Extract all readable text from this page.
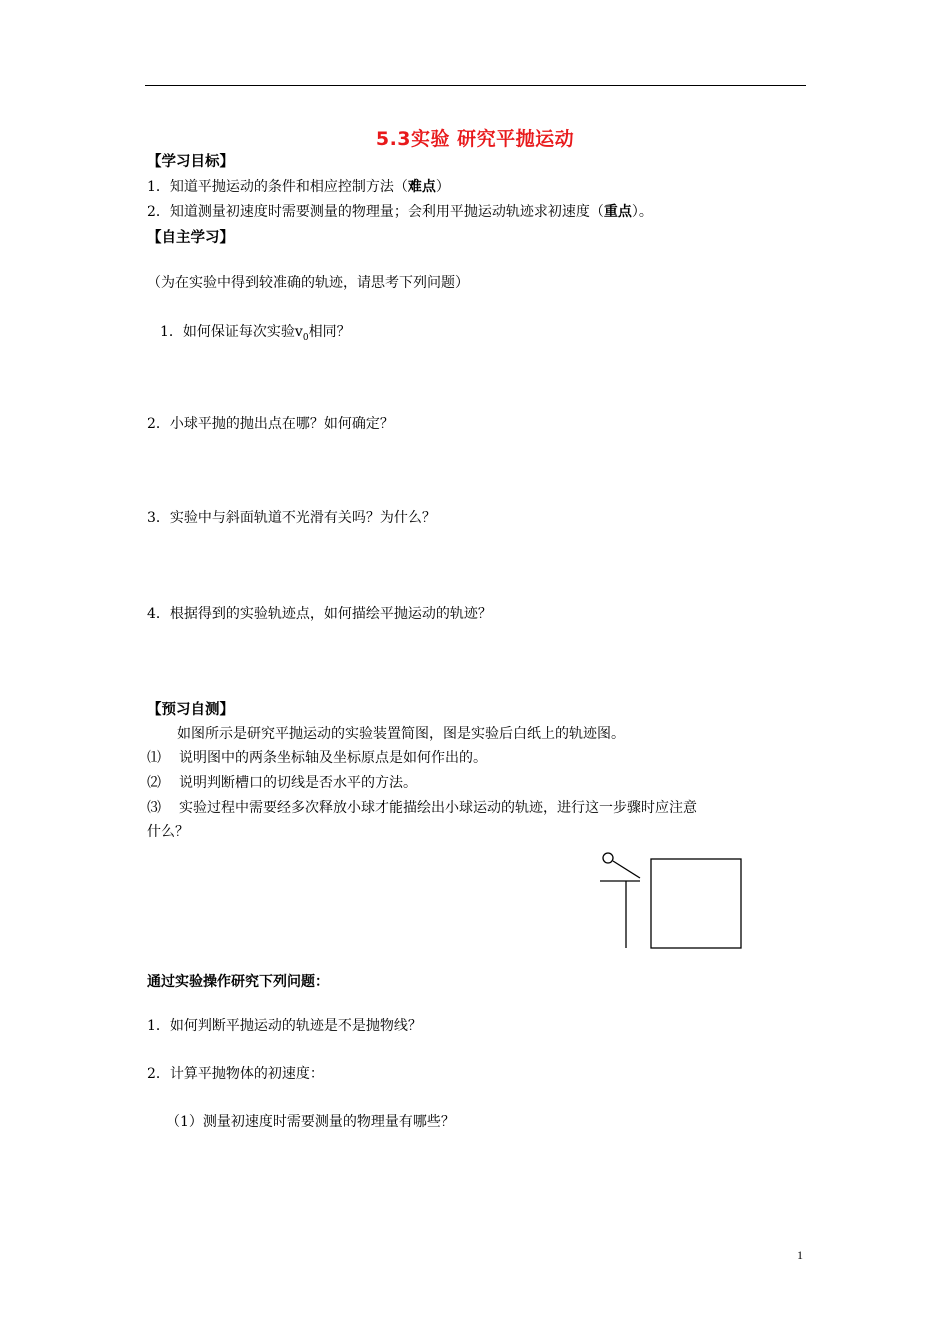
5.3实验 研究平抛运动
【学习目标】
1．知道平抛运动的条件和相应控制方法（难点）
2．知道测量初速度时需要测量的物理量；会利用平抛运动轨迹求初速度（重点）。
【自主学习】
（为在实验中得到较准确的轨迹，请思考下列问题）
1．如何保证每次实验$v_0$相同？
2．小球平抛的抛出点在哪？如何确定？
3．实验中与斜面轨道不光滑有关吗？为什么？
4．根据得到的实验轨迹点，如何描绘平抛运动的轨迹？
【预习自测】
如图所示是研究平抛运动的实验装置简图，图是实验后白纸上的轨迹图。
⑴ 说明图中的两条坐标轴及坐标原点是如何作出的。
⑵ 说明判断槽口的切线是否水平的方法。
⑶ 实验过程中需要经多次释放小球才能描绘出小球运动的轨迹，进行这一步骤时应注意
什么？
通过实验操作研究下列问题：
1．如何判断平抛运动的轨迹是不是抛物线？
2．计算平抛物体的初速度：
（1）测量初速度时需要测量的物理量有哪些？
1
